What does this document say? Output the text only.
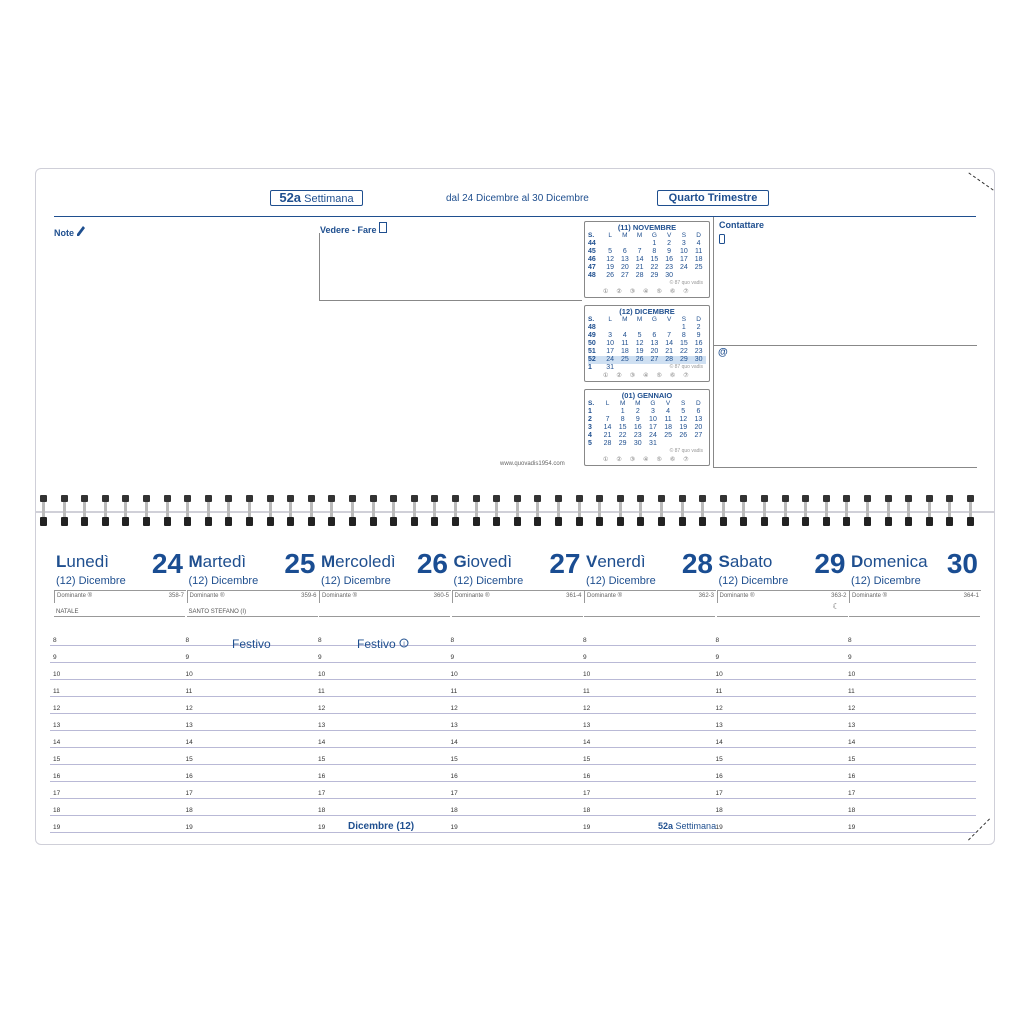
52a Settimana	dal 24 Dicembre al 30 Dicembre	Quarto Trimestre
Note	Vedere - Fare	(11) NOVEMBRE
S.	L	M	M	G	V	S	D
44				1	2	3	4
45	5	6	7	8	9	10	11
46	12	13	14	15	16	17	18
47	19	20	21	22	23	24	25
48	26	27	28	29	30		
© 87 quo vadis
①②③④⑤⑥⑦
(12) DICEMBRE
S.	L	M	M	G	V	S	D
48						1	2
49	3	4	5	6	7	8	9
50	10	11	12	13	14	15	16
51	17	18	19	20	21	22	23
52	24	25	26	27	28	29	30
1	31							© 87 quo vadis
①②③④⑤⑥⑦
(01) GENNAIO
S.	L	M	M	G	V	S	D
1		1	2	3	4	5	6
2	7	8	9	10	11	12	13
3	14	15	16	17	18	19	20
4	21	22	23	24	25	26	27
5	28	29	30	31			
© 87 quo vadis
①②③④⑤⑥⑦
Contattare
@
www.quovadis1954.com
Lunedì 24
(12) Dicembre
Dominante ®	358-7
NATALE
Martedì 25
(12) Dicembre
Dominante ®	359-6
SANTO STEFANO (I)
Mercoledì 26
(12) Dicembre
Dominante ®	360-5
Giovedì 27
(12) Dicembre
Dominante ®	361-4
Venerdì 28
(12) Dicembre
Dominante ®	362-3
Sabato 29
(12) Dicembre
Dominante ®	363-2
☾
Domenica 30
(12) Dicembre
Dominante ®	364-1
8	8	8	8	8	8	8
9	9	9	9	9	9	9
10	10	10	10	10	10	10
11	11	11	11	11	11	11
12	12	12	12	12	12	12
13	13	13	13	13	13	13
14	14	14	14	14	14	14
15	15	15	15	15	15	15
16	16	16	16	16	16	16
17	17	17	17	17	17	17
18	18	18	18	18	18	18
19	19	19	19	19	19	19
Festivo	Festivo i
Dicembre (12)	52a Settimana
